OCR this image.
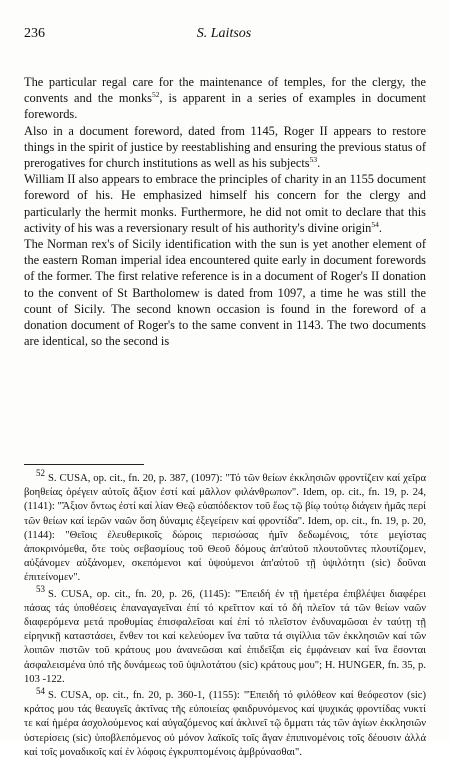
236	S. Laitsos

The particular regal care for the maintenance of temples, for the clergy, the convents and the monks$^{52}$, is apparent in a series of examples in document forewords.

Also in a document foreword, dated from 1145, Roger II appears to restore things in the spirit of justice by reestablishing and ensuring the previous status of prerogatives for church institutions as well as his subjects$^{53}$.

William II also appears to embrace the principles of charity in an 1155 document foreword of his. He emphasized himself his concern for the clergy and particularly the hermit monks. Furthermore, he did not omit to declare that this activity of his was a reversionary result of his authority's divine origin$^{54}$.

The Norman rex's of Sicily identification with the sun is yet another element of the eastern Roman imperial idea encountered quite early in document forewords of the former. The first relative reference is in a document of Roger's II donation to the convent of St Bartholomew is dated from 1097, a time he was still the count of Sicily. The second known occasion is found in the foreword of a donation document of Roger's to the same convent in 1143. The two documents are identical, so the second is

$^{52}$ S. CUSA, op. cit., fn. 20, p. 387, (1097): "Τό τῶν θείων ἐκκλησιῶν φροντίζειν καί χεῖρα βοηθείας ὀρέγειν αὐτοῖς ἄξιον ἐστί καί μᾶλλον φιλάνθρωπον". Idem, op. cit., fn. 19, p. 24, (1141): "Ἄξιον ὄντως ἐστί καί λίαν Θεῷ εὐαπόδεκτον τοῦ ἕως τῷ βίῳ τούτῳ διάγειν ἡμᾶς περί τῶν θείων καί ἱερῶν ναῶν ὅση δύναμις ἐξεγείρειν καί φροντίδα". Idem, op. cit., fn. 19, p. 20, (1144): "Θεῖοις ἐλευθερικοῖς δώροις περισώσας ἡμῖν δεδωμένοις, τότε μεγίστας ἀποκρινόμεθα, ὅτε τοὺς σεβασμίους τοῦ Θεοῦ δόμους ἀπ'αὐτοῦ πλουτοῦντες πλουτίζομεν, αὐξάνομεν αὐξάνομεν, σκεπόμενοι καί ὑψούμενοι ἀπ'αὐτοῦ τῇ ὑψιλότητι (sic) δοῦναι ἐπιτείνομεν".

$^{53}$ S. CUSA, op. cit., fn. 20, p. 26, (1145): "Ἐπειδή ἐν τῇ ἡμετέρα ἐπιβλέψει διαφέρει πάσας τάς ὑποθέσεις ἐπαναγαγεῖναι ἐπί τό κρεῖττον καί τό δή πλεῖον τά τῶν θείων ναῶν διαφερόμενα μετά προθυμίας ἐπισφαλεῖσαι καί ἐπί τό πλεῖστον ἐνδυναμῶσαι ἐν ταύτῃ τῇ εἰρηνικῇ καταστάσει, ἔνθεν τοι καί κελεύομεν ἵνα ταῦτα τά σιγίλλια τῶν ἐκκλησιῶν καί τῶν λοιπῶν πιστῶν τοῦ κράτους μου ἀνανεῶσαι καί ἐπιδεῖξαι εἰς ἐμφάνειαν καί ἵνα ἔσονται ἀσφαλεισμένα ὑπό τῆς δυνάμεως τοῦ ὑψιλοτάτου (sic) κράτους μου"; H. HUNGER, fn. 35, p. 103 -122.

$^{54}$ S. CUSA, op. cit., fn. 20, p. 360-1, (1155): "Ἐπειδή τό φιλόθεον καί θεόφεστον (sic) κράτος μου τάς θεαυγεῖς ἀκτῖνας τῆς εὐποιείας φαιδρυνόμενος καί ψυχικάς φροντίδας νυκτί τε καί ἡμέρα ἀσχολούμενος καί αὐγαζόμενος καί ἀκλινεῖ τῷ ὄμματι τάς τῶν ἁγίων ἐκκλησιῶν ὑστερίσεις (sic) ὑποβλεπόμενος οὐ μόνον λαϊκοῖς τοῖς ἄγαν ἐπιπινομένοις τοῖς δέουσιν ἀλλά καί τοῖς μοναδικοῖς καί ἐν λόφοις ἐγκρυπτομένοις ἀμβρύνασθαι".
